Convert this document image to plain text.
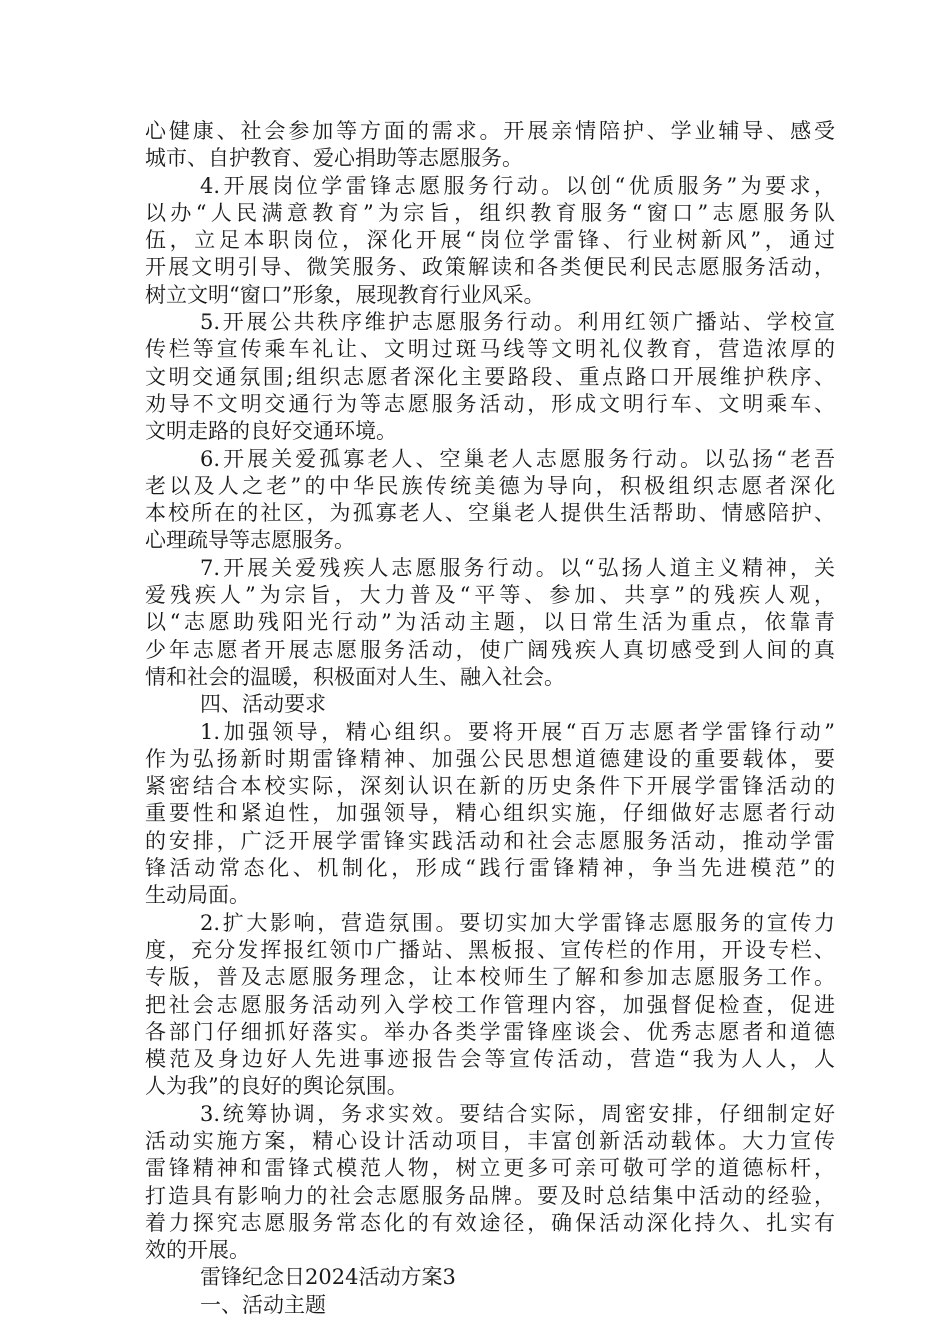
心健康、社会参加等方面的需求。开展亲情陪护、学业辅导、感受
城市、自护教育、爱心捐助等志愿服务。
4.开展岗位学雷锋志愿服务行动。以创“优质服务”为要求，
以办“人民满意教育”为宗旨，组织教育服务“窗口”志愿服务队
伍，立足本职岗位，深化开展“岗位学雷锋、行业树新风”，通过
开展文明引导、微笑服务、政策解读和各类便民利民志愿服务活动，
树立文明“窗口”形象，展现教育行业风采。
5.开展公共秩序维护志愿服务行动。利用红领广播站、学校宣
传栏等宣传乘车礼让、文明过斑马线等文明礼仪教育，营造浓厚的
文明交通氛围;组织志愿者深化主要路段、重点路口开展维护秩序、
劝导不文明交通行为等志愿服务活动，形成文明行车、文明乘车、
文明走路的良好交通环境。
6.开展关爱孤寡老人、空巢老人志愿服务行动。以弘扬“老吾
老以及人之老”的中华民族传统美德为导向，积极组织志愿者深化
本校所在的社区，为孤寡老人、空巢老人提供生活帮助、情感陪护、
心理疏导等志愿服务。
7.开展关爱残疾人志愿服务行动。以“弘扬人道主义精神，关
爱残疾人”为宗旨，大力普及“平等、参加、共享”的残疾人观，
以“志愿助残阳光行动”为活动主题，以日常生活为重点，依靠青
少年志愿者开展志愿服务活动，使广阔残疾人真切感受到人间的真
情和社会的温暖，积极面对人生、融入社会。
四、活动要求
1.加强领导，精心组织。要将开展“百万志愿者学雷锋行动”
作为弘扬新时期雷锋精神、加强公民思想道德建设的重要载体，要
紧密结合本校实际，深刻认识在新的历史条件下开展学雷锋活动的
重要性和紧迫性，加强领导，精心组织实施，仔细做好志愿者行动
的安排，广泛开展学雷锋实践活动和社会志愿服务活动，推动学雷
锋活动常态化、机制化，形成“践行雷锋精神，争当先进模范”的
生动局面。
2.扩大影响，营造氛围。要切实加大学雷锋志愿服务的宣传力
度，充分发挥报红领巾广播站、黑板报、宣传栏的作用，开设专栏、
专版，普及志愿服务理念，让本校师生了解和参加志愿服务工作。
把社会志愿服务活动列入学校工作管理内容，加强督促检查，促进
各部门仔细抓好落实。举办各类学雷锋座谈会、优秀志愿者和道德
模范及身边好人先进事迹报告会等宣传活动，营造“我为人人，人
人为我”的良好的舆论氛围。
3.统筹协调，务求实效。要结合实际，周密安排，仔细制定好
活动实施方案，精心设计活动项目，丰富创新活动载体。大力宣传
雷锋精神和雷锋式模范人物，树立更多可亲可敬可学的道德标杆，
打造具有影响力的社会志愿服务品牌。要及时总结集中活动的经验，
着力探究志愿服务常态化的有效途径，确保活动深化持久、扎实有
效的开展。
雷锋纪念日2024活动方案3
一、活动主题
